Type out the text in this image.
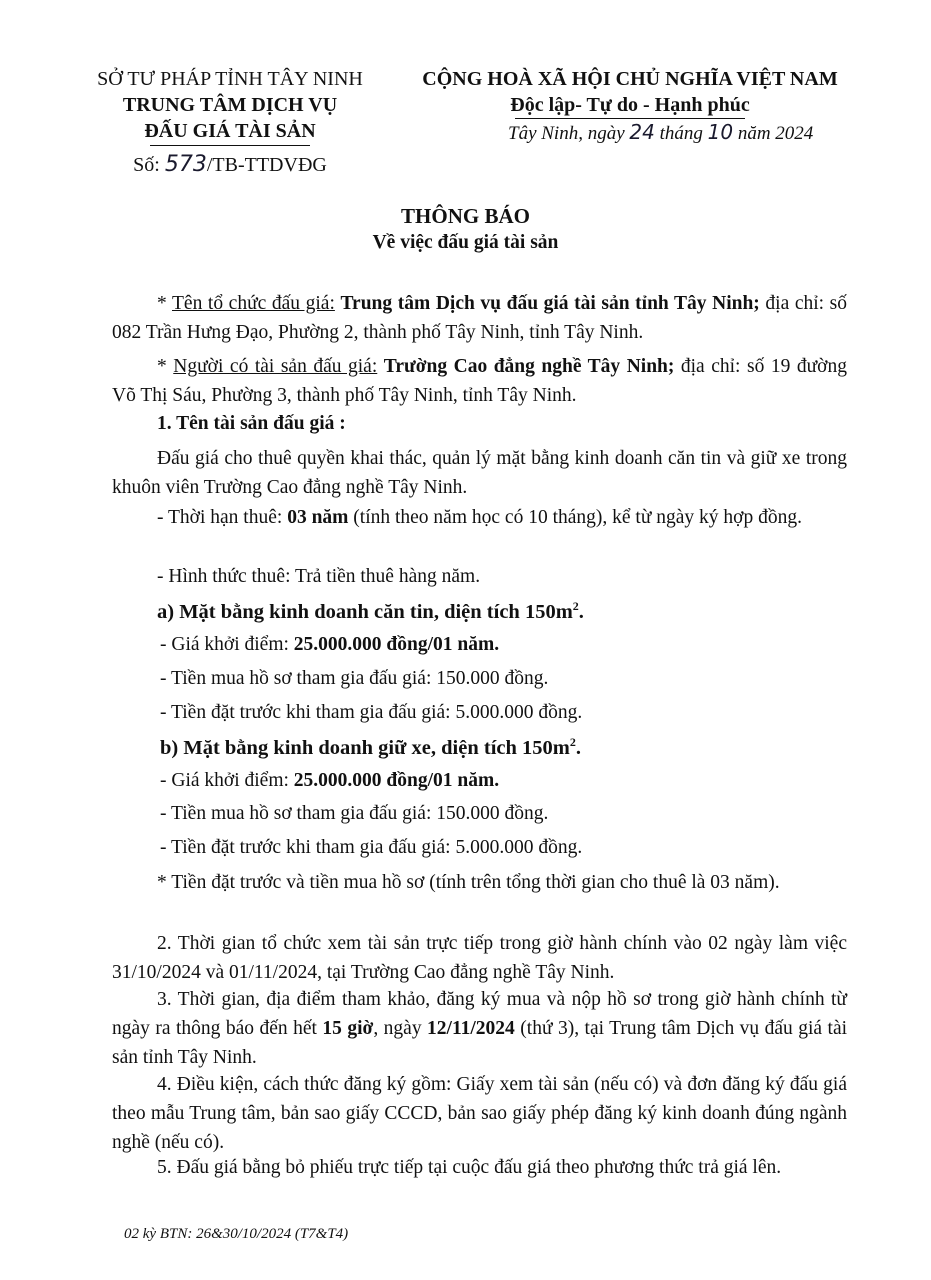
SỞ TƯ PHÁP TỈNH TÂY NINH
TRUNG TÂM DỊCH VỤ
ĐẤU GIÁ TÀI SẢN
Số: 573/TB-TTDVĐG
CỘNG HOÀ XÃ HỘI CHỦ NGHĨA VIỆT NAM
Độc lập- Tự do - Hạnh phúc
Tây Ninh, ngày 24 tháng 10 năm 2024
THÔNG BÁO
Về việc đấu giá tài sản
* Tên tổ chức đấu giá: Trung tâm Dịch vụ đấu giá tài sản tỉnh Tây Ninh; địa chỉ: số 082 Trần Hưng Đạo, Phường 2, thành phố Tây Ninh, tỉnh Tây Ninh.
* Người có tài sản đấu giá: Trường Cao đẳng nghề Tây Ninh; địa chỉ: số 19 đường Võ Thị Sáu, Phường 3, thành phố Tây Ninh, tỉnh Tây Ninh.
1. Tên tài sản đấu giá :
Đấu giá cho thuê quyền khai thác, quản lý mặt bằng kinh doanh căn tin và giữ xe trong khuôn viên Trường Cao đẳng nghề Tây Ninh.
- Thời hạn thuê: 03 năm (tính theo năm học có 10 tháng), kể từ ngày ký hợp đồng.
- Hình thức thuê: Trả tiền thuê hàng năm.
a) Mặt bằng kinh doanh căn tin, diện tích $150m^2$.
- Giá khởi điểm: 25.000.000 đồng/01 năm.
- Tiền mua hồ sơ tham gia đấu giá: 150.000 đồng.
- Tiền đặt trước khi tham gia đấu giá: 5.000.000 đồng.
b) Mặt bằng kinh doanh giữ xe, diện tích $150m^2$.
- Giá khởi điểm: 25.000.000 đồng/01 năm.
- Tiền mua hồ sơ tham gia đấu giá: 150.000 đồng.
- Tiền đặt trước khi tham gia đấu giá: 5.000.000 đồng.
* Tiền đặt trước và tiền mua hồ sơ (tính trên tổng thời gian cho thuê là 03 năm).
2. Thời gian tổ chức xem tài sản trực tiếp trong giờ hành chính vào 02 ngày làm việc 31/10/2024 và 01/11/2024, tại Trường Cao đẳng nghề Tây Ninh.
3. Thời gian, địa điểm tham khảo, đăng ký mua và nộp hồ sơ trong giờ hành chính từ ngày ra thông báo đến hết 15 giờ, ngày 12/11/2024 (thứ 3), tại Trung tâm Dịch vụ đấu giá tài sản tỉnh Tây Ninh.
4. Điều kiện, cách thức đăng ký gồm: Giấy xem tài sản (nếu có) và đơn đăng ký đấu giá theo mẫu Trung tâm, bản sao giấy CCCD, bản sao giấy phép đăng ký kinh doanh đúng ngành nghề (nếu có).
5. Đấu giá bằng bỏ phiếu trực tiếp tại cuộc đấu giá theo phương thức trả giá lên.
02 kỳ BTN: 26&30/10/2024 (T7&T4)
